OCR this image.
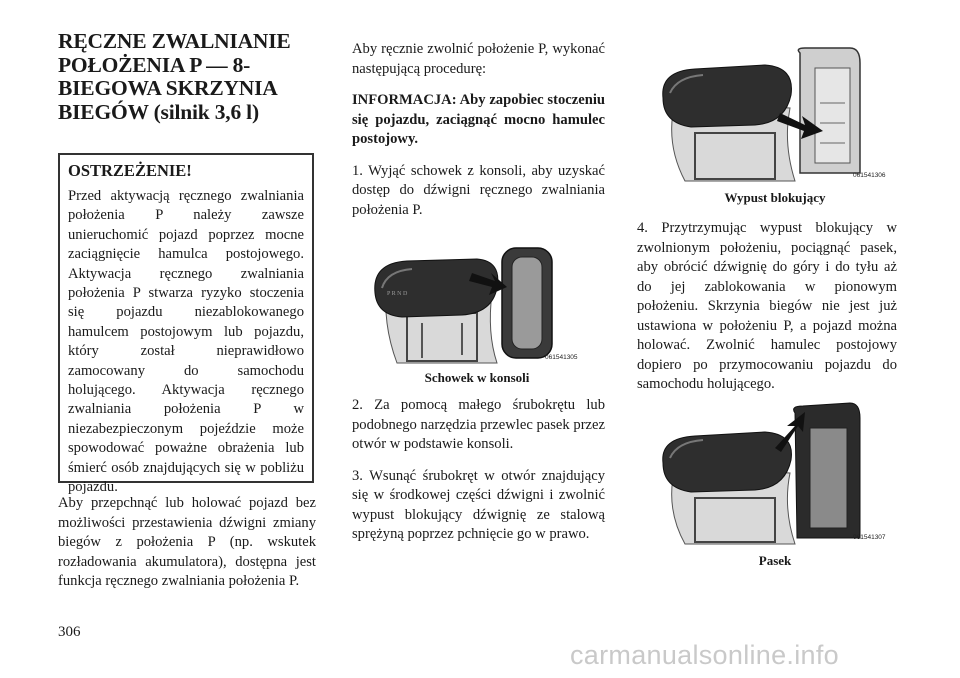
RĘCZNE ZWALNIANIE POŁOŻENIA P — 8-BIEGOWA SKRZYNIA BIEGÓW (silnik 3,6 l)

OSTRZEŻENIE!

Przed aktywacją ręcznego zwalniania położenia P należy zawsze unieruchomić pojazd poprzez mocne zaciągnięcie hamulca postojowego. Aktywacja ręcznego zwalniania położenia P stwarza ryzyko stoczenia się pojazdu niezablokowanego hamulcem postojowym lub pojazdu, który został nieprawidłowo zamocowany do samochodu holującego. Aktywacja ręcznego zwalniania położenia P w niezabezpieczonym pojeździe może spowodować poważne obrażenia lub śmierć osób znajdujących się w pobliżu pojazdu.

Aby przepchnąć lub holować pojazd bez możliwości przestawienia dźwigni zmiany biegów z położenia P (np. wskutek rozładowania akumulatora), dostępna jest funkcja ręcznego zwalniania położenia P.

Aby ręcznie zwolnić położenie P, wykonać następującą procedurę:

INFORMACJA: Aby zapobiec stoczeniu się pojazdu, zaciągnąć mocno hamulec postojowy.

1. Wyjąć schowek z konsoli, aby uzyskać dostęp do dźwigni ręcznego zwalniania położenia P.

P R N D
061541305
Schowek w konsoli

2. Za pomocą małego śrubokrętu lub podobnego narzędzia przewlec pasek przez otwór w podstawie konsoli.

3. Wsunąć śrubokręt w otwór znajdujący się w środkowej części dźwigni i zwolnić wypust blokujący dźwignię ze stalową sprężyną poprzez pchnięcie go w prawo.

061541306
Wypust blokujący

4. Przytrzymując wypust blokujący w zwolnionym położeniu, pociągnąć pasek, aby obrócić dźwignię do góry i do tyłu aż do jej zablokowania w pionowym położeniu. Skrzynia biegów nie jest już ustawiona w położeniu P, a pojazd można holować. Zwolnić hamulec postojowy dopiero po przymocowaniu pojazdu do samochodu holującego.

061541307
Pasek
306
carmanualsonline.info
